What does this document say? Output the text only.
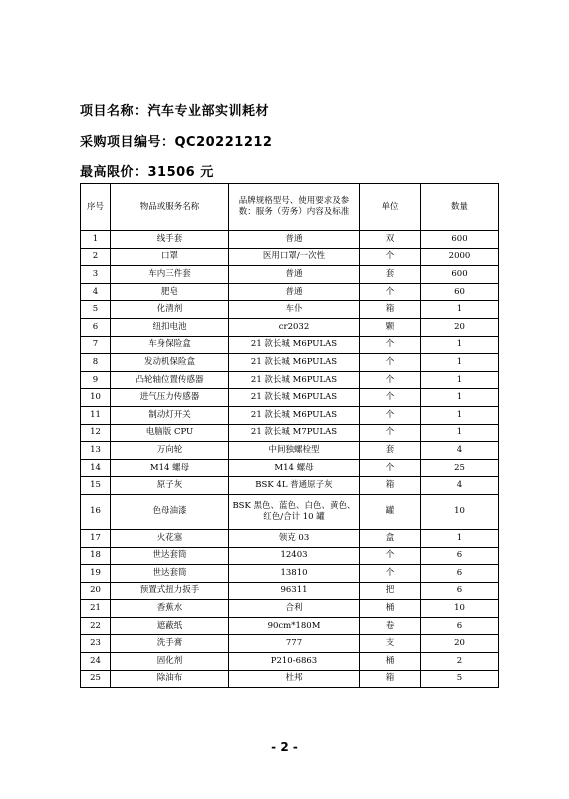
项目名称：汽车专业部实训耗材
采购项目编号：QC20221212
最高限价：31506 元
序号	物品或服务名称	品牌规格型号、使用要求及参数：服务（劳务）内容及标准	单位	数量
1	线手套	普通	双	600
2	口罩	医用口罩/一次性	个	2000
3	车内三件套	普通	套	600
4	肥皂	普通	个	60
5	化清剂	车仆	箱	1
6	纽扣电池	cr2032	颗	20
7	车身保险盒	21 款长城 M6PULAS	个	1
8	发动机保险盒	21 款长城 M6PULAS	个	1
9	凸轮轴位置传感器	21 款长城 M6PULAS	个	1
10	进气压力传感器	21 款长城 M6PULAS	个	1
11	制动灯开关	21 款长城 M6PULAS	个	1
12	电脑版 CPU	21 款长城 M7PULAS	个	1
13	万向轮	中间独螺栓型	套	4
14	M14 螺母	M14 螺母	个	25
15	原子灰	BSK 4L 普通原子灰	箱	4
16	色母油漆	BSK 黑色、蓝色、白色、黄色、红色/合计 10 罐	罐	10
17	火花塞	领克 03	盒	1
18	世达套筒	12403	个	6
19	世达套筒	13810	个	6
20	预置式扭力扳手	96311	把	6
21	香蕉水	合利	桶	10
22	遮蔽纸	90cm*180M	卷	6
23	洗手膏	777	支	20
24	固化剂	P210-6863	桶	2
25	除油布	杜邦	箱	5
- 2 -
